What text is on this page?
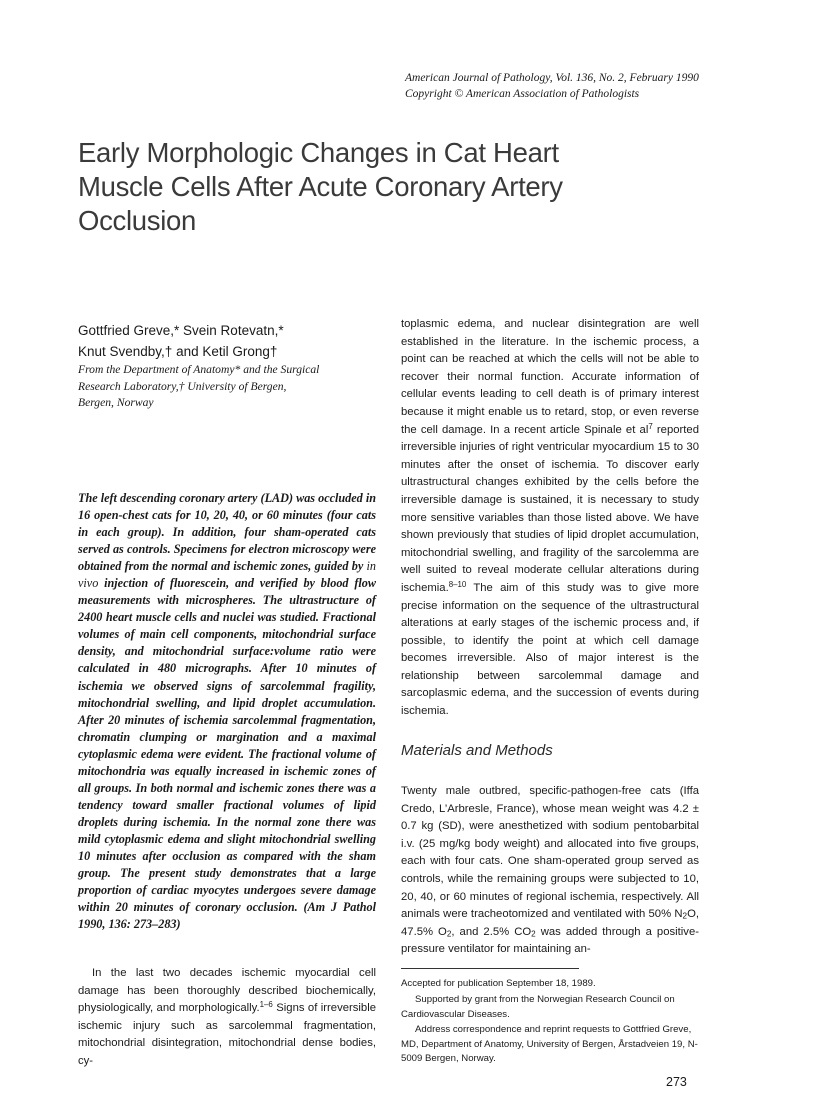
American Journal of Pathology, Vol. 136, No. 2, February 1990
Copyright © American Association of Pathologists
Early Morphologic Changes in Cat Heart Muscle Cells After Acute Coronary Artery Occlusion
Gottfried Greve,* Svein Rotevatn,*
Knut Svendby,† and Ketil Grong†
From the Department of Anatomy* and the Surgical
Research Laboratory,† University of Bergen,
Bergen, Norway

The left descending coronary artery (LAD) was occluded in 16 open-chest cats for 10, 20, 40, or 60 minutes (four cats in each group). In addition, four sham-operated cats served as controls. Specimens for electron microscopy were obtained from the normal and ischemic zones, guided by in vivo injection of fluorescein, and verified by blood flow measurements with microspheres. The ultrastructure of 2400 heart muscle cells and nuclei was studied. Fractional volumes of main cell components, mitochondrial surface density, and mitochondrial surface:volume ratio were calculated in 480 micrographs. After 10 minutes of ischemia we observed signs of sarcolemmal fragility, mitochondrial swelling, and lipid droplet accumulation. After 20 minutes of ischemia sarcolemmal fragmentation, chromatin clumping or margination and a maximal cytoplasmic edema were evident. The fractional volume of mitochondria was equally increased in ischemic zones of all groups. In both normal and ischemic zones there was a tendency toward smaller fractional volumes of lipid droplets during ischemia. In the normal zone there was mild cytoplasmic edema and slight mitochondrial swelling 10 minutes after occlusion as compared with the sham group. The present study demonstrates that a large proportion of cardiac myocytes undergoes severe damage within 20 minutes of coronary occlusion. (Am J Pathol 1990, 136: 273–283)

In the last two decades ischemic myocardial cell damage has been thoroughly described biochemically, physiologically, and morphologically.$^{1-6}$ Signs of irreversible ischemic injury such as sarcolemmal fragmentation, mitochondrial disintegration, mitochondrial dense bodies, cy-

toplasmic edema, and nuclear disintegration are well established in the literature. In the ischemic process, a point can be reached at which the cells will not be able to recover their normal function. Accurate information of cellular events leading to cell death is of primary interest because it might enable us to retard, stop, or even reverse the cell damage. In a recent article Spinale et $al^7$ reported irreversible injuries of right ventricular myocardium 15 to 30 minutes after the onset of ischemia. To discover early ultrastructural changes exhibited by the cells before the irreversible damage is sustained, it is necessary to study more sensitive variables than those listed above. We have shown previously that studies of lipid droplet accumulation, mitochondrial swelling, and fragility of the sarcolemma are well suited to reveal moderate cellular alterations during ischemia.$^{8-10}$ The aim of this study was to give more precise information on the sequence of the ultrastructural alterations at early stages of the ischemic process and, if possible, to identify the point at which cell damage becomes irreversible. Also of major interest is the relationship between sarcolemmal damage and sarcoplasmic edema, and the succession of events during ischemia.

Materials and Methods

Twenty male outbred, specific-pathogen-free cats (Iffa Credo, L’Arbresle, France), whose mean weight was 4.2 ± 0.7 kg (SD), were anesthetized with sodium pentobarbital i.v. (25 mg/kg body weight) and allocated into five groups, each with four cats. One sham-operated group served as controls, while the remaining groups were subjected to 10, 20, 40, or 60 minutes of regional ischemia, respectively. All animals were tracheotomized and ventilated with 50% $N_2O$, 47.5% $O_2$, and 2.5% $CO_2$ was added through a positive-pressure ventilator for maintaining an-

Accepted for publication September 18, 1989.

Supported by grant from the Norwegian Research Council on Cardiovascular Diseases.

Address correspondence and reprint requests to Gottfried Greve, MD, Department of Anatomy, University of Bergen, Årstadveien 19, N-5009 Bergen, Norway.

273
